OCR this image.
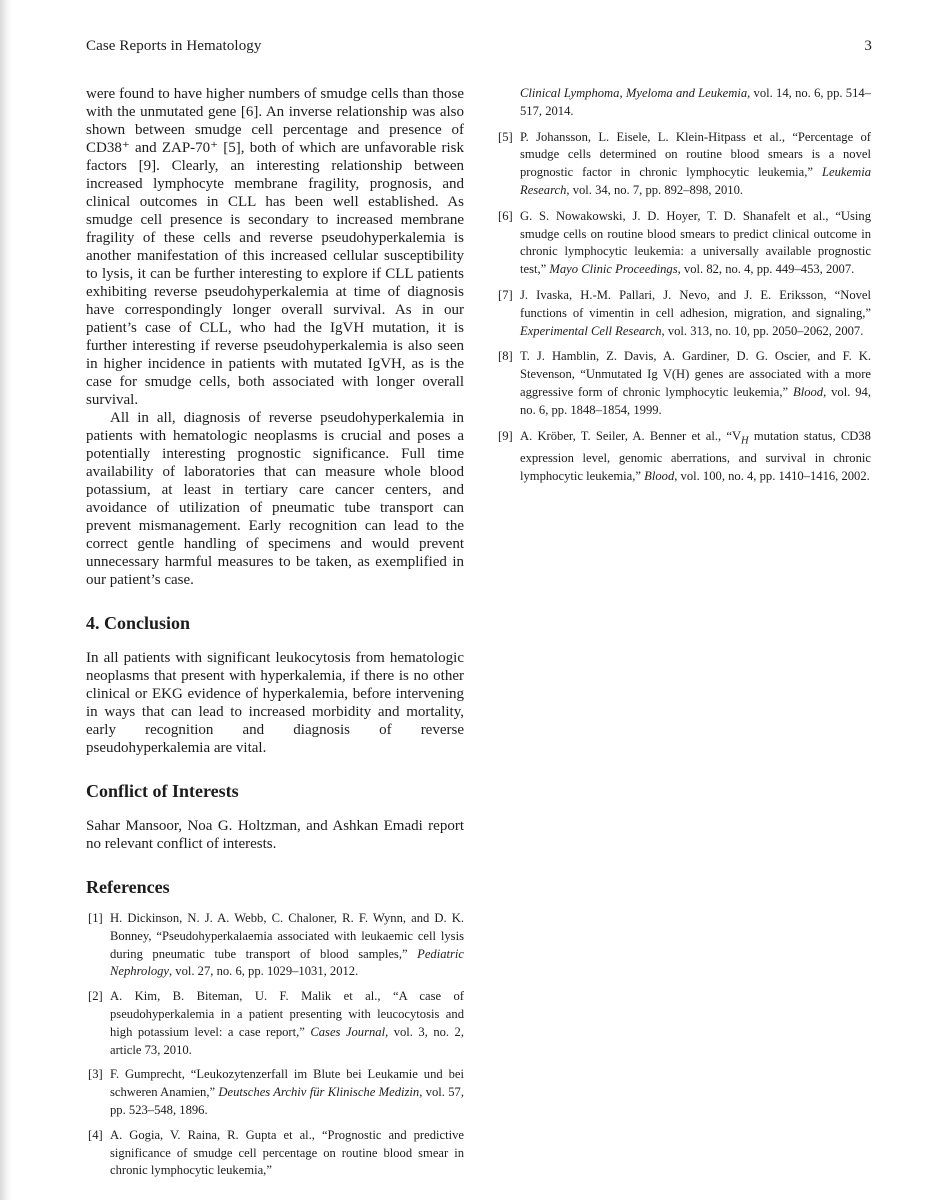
Case Reports in Hematology	3

were found to have higher numbers of smudge cells than those with the unmutated gene [6]. An inverse relationship was also shown between smudge cell percentage and presence of CD38⁺ and ZAP-70⁺ [5], both of which are unfavorable risk factors [9]. Clearly, an interesting relationship between increased lymphocyte membrane fragility, prognosis, and clinical outcomes in CLL has been well established. As smudge cell presence is secondary to increased membrane fragility of these cells and reverse pseudohyperkalemia is another manifestation of this increased cellular susceptibility to lysis, it can be further interesting to explore if CLL patients exhibiting reverse pseudohyperkalemia at time of diagnosis have correspondingly longer overall survival. As in our patient’s case of CLL, who had the IgVH mutation, it is further interesting if reverse pseudohyperkalemia is also seen in higher incidence in patients with mutated IgVH, as is the case for smudge cells, both associated with longer overall survival.

All in all, diagnosis of reverse pseudohyperkalemia in patients with hematologic neoplasms is crucial and poses a potentially interesting prognostic significance. Full time availability of laboratories that can measure whole blood potassium, at least in tertiary care cancer centers, and avoidance of utilization of pneumatic tube transport can prevent mismanagement. Early recognition can lead to the correct gentle handling of specimens and would prevent unnecessary harmful measures to be taken, as exemplified in our patient’s case.

4. Conclusion

In all patients with significant leukocytosis from hematologic neoplasms that present with hyperkalemia, if there is no other clinical or EKG evidence of hyperkalemia, before intervening in ways that can lead to increased morbidity and mortality, early recognition and diagnosis of reverse pseudohyperkalemia are vital.

Conflict of Interests

Sahar Mansoor, Noa G. Holtzman, and Ashkan Emadi report no relevant conflict of interests.

References
[1] H. Dickinson, N. J. A. Webb, C. Chaloner, R. F. Wynn, and D. K. Bonney, “Pseudohyperkalaemia associated with leukaemic cell lysis during pneumatic tube transport of blood samples,” Pediatric Nephrology, vol. 27, no. 6, pp. 1029–1031, 2012.
[2] A. Kim, B. Biteman, U. F. Malik et al., “A case of pseudohyperkalemia in a patient presenting with leucocytosis and high potassium level: a case report,” Cases Journal, vol. 3, no. 2, article 73, 2010.
[3] F. Gumprecht, “Leukozytenzerfall im Blute bei Leukamie und bei schweren Anamien,” Deutsches Archiv für Klinische Medizin, vol. 57, pp. 523–548, 1896.
[4] A. Gogia, V. Raina, R. Gupta et al., “Prognostic and predictive significance of smudge cell percentage on routine blood smear in chronic lymphocytic leukemia,”
Clinical Lymphoma, Myeloma and Leukemia, vol. 14, no. 6, pp. 514–517, 2014.
[5] P. Johansson, L. Eisele, L. Klein-Hitpass et al., “Percentage of smudge cells determined on routine blood smears is a novel prognostic factor in chronic lymphocytic leukemia,” Leukemia Research, vol. 34, no. 7, pp. 892–898, 2010.
[6] G. S. Nowakowski, J. D. Hoyer, T. D. Shanafelt et al., “Using smudge cells on routine blood smears to predict clinical outcome in chronic lymphocytic leukemia: a universally available prognostic test,” Mayo Clinic Proceedings, vol. 82, no. 4, pp. 449–453, 2007.
[7] J. Ivaska, H.-M. Pallari, J. Nevo, and J. E. Eriksson, “Novel functions of vimentin in cell adhesion, migration, and signaling,” Experimental Cell Research, vol. 313, no. 10, pp. 2050–2062, 2007.
[8] T. J. Hamblin, Z. Davis, A. Gardiner, D. G. Oscier, and F. K. Stevenson, “Unmutated Ig V(H) genes are associated with a more aggressive form of chronic lymphocytic leukemia,” Blood, vol. 94, no. 6, pp. 1848–1854, 1999.
[9] A. Kröber, T. Seiler, A. Benner et al., “$V_H$ mutation status, CD38 expression level, genomic aberrations, and survival in chronic lymphocytic leukemia,” Blood, vol. 100, no. 4, pp. 1410–1416, 2002.
